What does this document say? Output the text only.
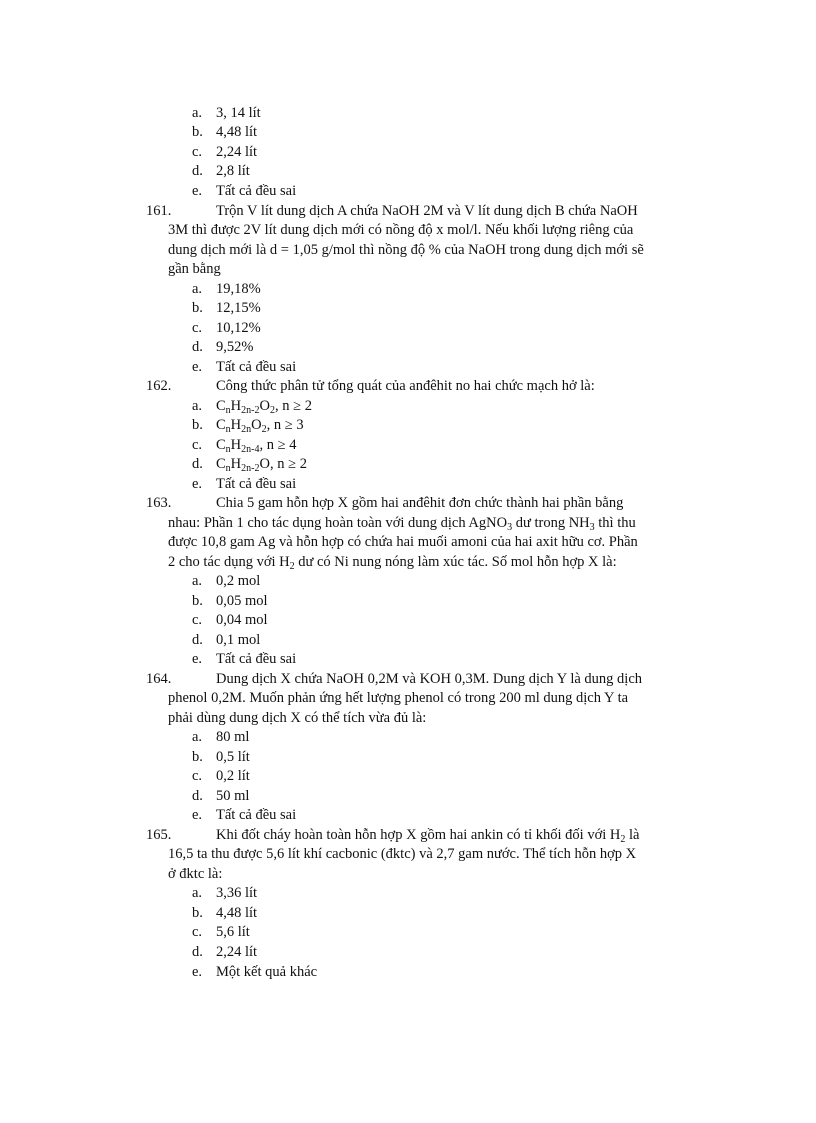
a. 3, 14 lít
b. 4,48 lít
c. 2,24 lít
d. 2,8 lít
e. Tất cả đều sai
161.	Trộn V lít dung dịch A chứa NaOH 2M và V lít dung dịch B chứa NaOH
3M thì được 2V lít dung dịch mới có nồng độ x mol/l. Nếu khối lượng riêng của
dung dịch mới là d = 1,05 g/mol thì nồng độ % của NaOH trong dung dịch mới sẽ
gần bằng
a. 19,18%
b. 12,15%
c. 10,12%
d. 9,52%
e. Tất cả đều sai
162.	Công thức phân tử tổng quát của anđêhit no hai chức mạch hở là:
a. $C_nH_{2n-2}O_2$, n ≥ 2
b. $C_nH_{2n}O_2$, n ≥ 3
c. $C_nH_{2n-4}$, n ≥ 4
d. $C_nH_{2n-2}O$, n ≥ 2
e. Tất cả đều sai
163.	Chia 5 gam hỗn hợp X gồm hai anđêhit đơn chức thành hai phần bằng
nhau: Phần 1 cho tác dụng hoàn toàn với dung dịch AgNO$_3$ dư trong $NH_3$ thì thu
được 10,8 gam Ag và hỗn hợp có chứa hai muối amoni của hai axit hữu cơ. Phần
2 cho tác dụng với $H_2$ dư có Ni nung nóng làm xúc tác. Số mol hỗn hợp X là:
a. 0,2 mol
b. 0,05 mol
c. 0,04 mol
d. 0,1 mol
e. Tất cả đều sai
164.	Dung dịch X chứa NaOH 0,2M và KOH 0,3M. Dung dịch Y là dung dịch
phenol 0,2M. Muốn phản ứng hết lượng phenol có trong 200 ml dung dịch Y ta
phải dùng dung dịch X có thể tích vừa đủ là:
a. 80 ml
b. 0,5 lít
c. 0,2 lít
d. 50 ml
e. Tất cả đều sai
165.	Khi đốt cháy hoàn toàn hỗn hợp X gồm hai ankin có tỉ khối đối với $H_2$ là
16,5 ta thu được 5,6 lít khí cacbonic (đktc) và 2,7 gam nước. Thể tích hỗn hợp X
ở đktc là:
a. 3,36 lít
b. 4,48 lít
c. 5,6 lít
d. 2,24 lít
e. Một kết quả khác
